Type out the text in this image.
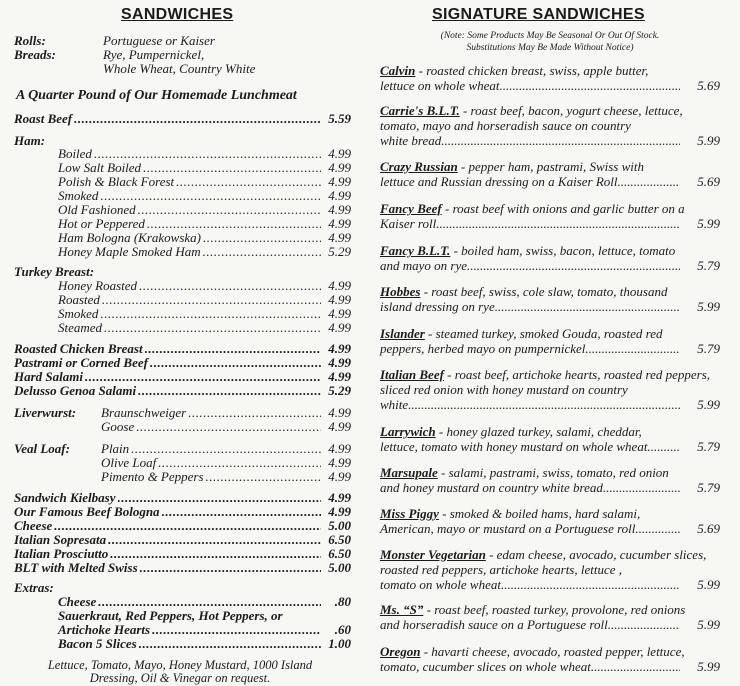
SANDWICHES
Rolls:	Portuguese or Kaiser
Breads:	Rye, Pumpernickel,
Whole Wheat, Country White
A Quarter Pound of Our Homemade Lunchmeat
Roast Beef .....	5.59
Ham:
Boiled .....	4.99
Low Salt Boiled .....	4.99
Polish & Black Forest .....	4.99
Smoked .....	4.99
Old Fashioned .....	4.99
Hot or Peppered .....	4.99
Ham Bologna (Krakowska) .....	4.99
Honey Maple Smoked Ham .....	5.29
Turkey Breast:
Honey Roasted .....	4.99
Roasted .....	4.99
Smoked .....	4.99
Steamed .....	4.99
Roasted Chicken Breast .....	4.99
Pastrami or Corned Beef .....	4.99
Hard Salami .....	4.99
Delusso Genoa Salami .....	5.29
Liverwurst: Braunschweiger .....	4.99
Goose .....	4.99
Veal Loaf: Plain .....	4.99
Olive Loaf .....	4.99
Pimento & Peppers .....	4.99
Sandwich Kielbasy .....	4.99
Our Famous Beef Bologna .....	4.99
Cheese .....	5.00
Italian Sopresata .....	6.50
Italian Prosciutto .....	6.50
BLT with Melted Swiss .....	5.00
Extras:
Cheese .....	.80
Sauerkraut, Red Peppers, Hot Peppers, or
Artichoke Hearts .....	.60
Bacon 5 Slices .....	1.00
Lettuce, Tomato, Mayo, Honey Mustard, 1000 Island
Dressing, Oil & Vinegar on request.
SIGNATURE SANDWICHES
(Note: Some Products May Be Seasonal Or Out Of Stock.
Substitutions May Be Made Without Notice)
Calvin - roasted chicken breast, swiss, apple butter,
lettuce on whole wheat .....	5.69
Carrie's B.L.T. - roast beef, bacon, yogurt cheese, lettuce, tomato, mayo and horseradish sauce on country
white bread .....	5.99
Crazy Russian - pepper ham, pastrami, Swiss with
lettuce and Russian dressing on a Kaiser Roll .....	5.69
Fancy Beef - roast beef with onions and garlic butter on a
Kaiser roll .....	5.99
Fancy B.L.T. - boiled ham, swiss, bacon, lettuce, tomato
and mayo on rye .....	5.79
Hobbes - roast beef, swiss, cole slaw, tomato, thousand
island dressing on rye .....	5.99
Islander - steamed turkey, smoked Gouda, roasted red
peppers, herbed mayo on pumpernickel .....	5.79
Italian Beef - roast beef, artichoke hearts, roasted red peppers, sliced red onion with honey mustard on country
white .....	5.99
Larrywich - honey glazed turkey, salami, cheddar,
lettuce, tomato with honey mustard on whole wheat. .....	5.79
Marsupale - salami, pastrami, swiss, tomato, red onion
and honey mustard on country white bread .....	5.79
Miss Piggy - smoked & boiled hams, hard salami,
American, mayo or mustard on a Portuguese roll .....	5.69
Monster Vegetarian - edam cheese, avocado, cucumber slices, roasted red peppers, artichoke hearts, lettuce ,
tomato on whole wheat .....	5.99
Ms. “S” - roast beef, roasted turkey, provolone, red onions
and horseradish sauce on a Portuguese roll .....	5.99
Oregon - havarti cheese, avocado, roasted pepper, lettuce,
tomato, cucumber slices on whole wheat .....	5.99
